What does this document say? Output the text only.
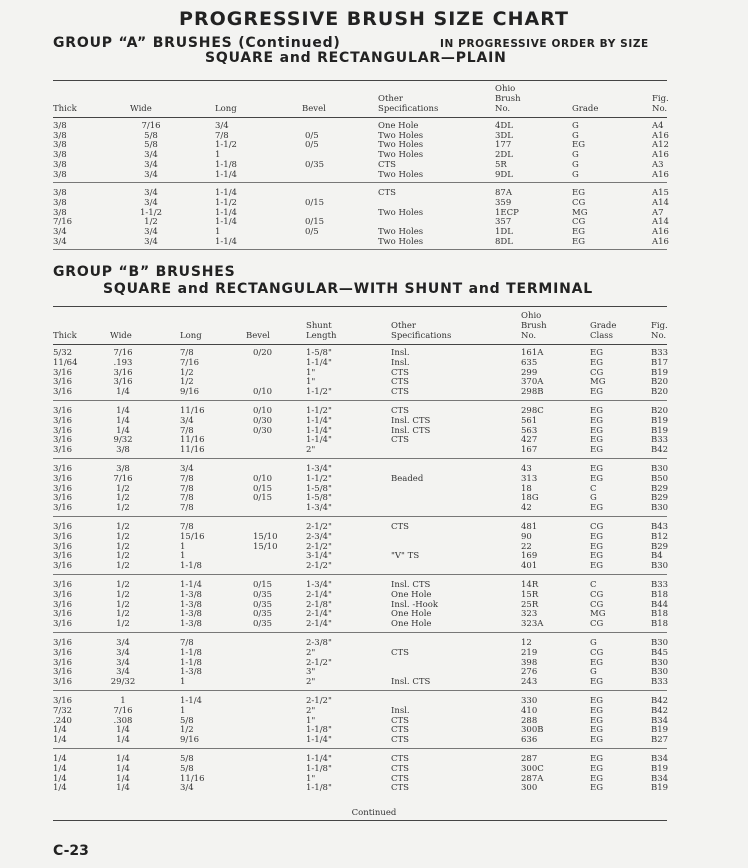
PROGRESSIVE BRUSH SIZE CHART
GROUP “A” BRUSHES (Continued)	IN PROGRESSIVE ORDER BY SIZE
SQUARE and RECTANGULAR—PLAIN
Thick	Wide	Long	Bevel
Other
Specifications
Ohio
Brush
No.	Grade
Fig.
No.
3/8	7/16	3/4	One Hole	4DL	G	A4
3/8	5/8	7/8	0/5	Two Holes	3DL	G	A16
3/8	5/8	1-1/2	0/5	Two Holes	177	EG	A12
3/8	3/4	1	Two Holes	2DL	G	A16
3/8	3/4	1-1/8	0/35	CTS	5R	G	A3
3/8	3/4	1-1/4	Two Holes	9DL	G	A16
3/8	3/4	1-1/4	CTS	87A	EG	A15
3/8	3/4	1-1/2	0/15	359	CG	A14
3/8	1-1/2	1-1/4	Two Holes	1ECP	MG	A7
7/16	1/2	1-1/4	0/15	357	CG	A14
3/4	3/4	1	0/5	Two Holes	1DL	EG	A16
3/4	3/4	1-1/4	Two Holes	8DL	EG	A16
GROUP “B” BRUSHES
SQUARE and RECTANGULAR—WITH SHUNT and TERMINAL
Thick	Wide	Long	Bevel
Shunt
Length
Other
Specifications
Ohio
Brush
No.
Grade
Class
Fig.
No.
5/32	7/16	7/8	0/20	1-5/8"	Insl.	161A	EG	B33
11/64	.193	7/16	1-1/4"	Insl.	635	EG	B17
3/16	3/16	1/2	1"	CTS	299	CG	B19
3/16	3/16	1/2	1"	CTS	370A	MG	B20
3/16	1/4	9/16	0/10	1-1/2"	CTS	298B	EG	B20
3/16	1/4	11/16	0/10	1-1/2"	CTS	298C	EG	B20
3/16	1/4	3/4	0/30	1-1/4"	Insl. CTS	561	EG	B19
3/16	1/4	7/8	0/30	1-1/4"	Insl. CTS	563	EG	B19
3/16	9/32	11/16	1-1/4"	CTS	427	EG	B33
3/16	3/8	11/16	2"	167	EG	B42
3/16	3/8	3/4	1-3/4"	43	EG	B30
3/16	7/16	7/8	0/10	1-1/2"	Beaded	313	EG	B50
3/16	1/2	7/8	0/15	1-5/8"	18	C	B29
3/16	1/2	7/8	0/15	1-5/8"	18G	G	B29
3/16	1/2	7/8	1-3/4"	42	EG	B30
3/16	1/2	7/8	2-1/2"	CTS	481	CG	B43
3/16	1/2	15/16	15/10	2-3/4"	90	EG	B12
3/16	1/2	1	15/10	2-1/2"	22	EG	B29
3/16	1/2	1	3-1/4"	"V" TS	169	EG	B4
3/16	1/2	1-1/8	2-1/2"	401	EG	B30
3/16	1/2	1-1/4	0/15	1-3/4"	Insl. CTS	14R	C	B33
3/16	1/2	1-3/8	0/35	2-1/4"	One Hole	15R	CG	B18
3/16	1/2	1-3/8	0/35	2-1/8"	Insl. -Hook	25R	CG	B44
3/16	1/2	1-3/8	0/35	2-1/4"	One Hole	323	MG	B18
3/16	1/2	1-3/8	0/35	2-1/4"	One Hole	323A	CG	B18
3/16	3/4	7/8	2-3/8"	12	G	B30
3/16	3/4	1-1/8	2"	CTS	219	CG	B45
3/16	3/4	1-1/8	2-1/2"	398	EG	B30
3/16	3/4	1-3/8	3"	276	G	B30
3/16	29/32	1	2"	Insl. CTS	243	EG	B33
3/16	1	1-1/4	2-1/2"	330	EG	B42
7/32	7/16	1	2"	Insl.	410	EG	B42
.240	.308	5/8	1"	CTS	288	EG	B34
1/4	1/4	1/2	1-1/8"	CTS	300B	EG	B19
1/4	1/4	9/16	1-1/4"	CTS	636	EG	B27
1/4	1/4	5/8	1-1/4"	CTS	287	EG	B34
1/4	1/4	5/8	1-1/8"	CTS	300C	EG	B19
1/4	1/4	11/16	1"	CTS	287A	EG	B34
1/4	1/4	3/4	1-1/8"	CTS	300	EG	B19
Continued
C-23
